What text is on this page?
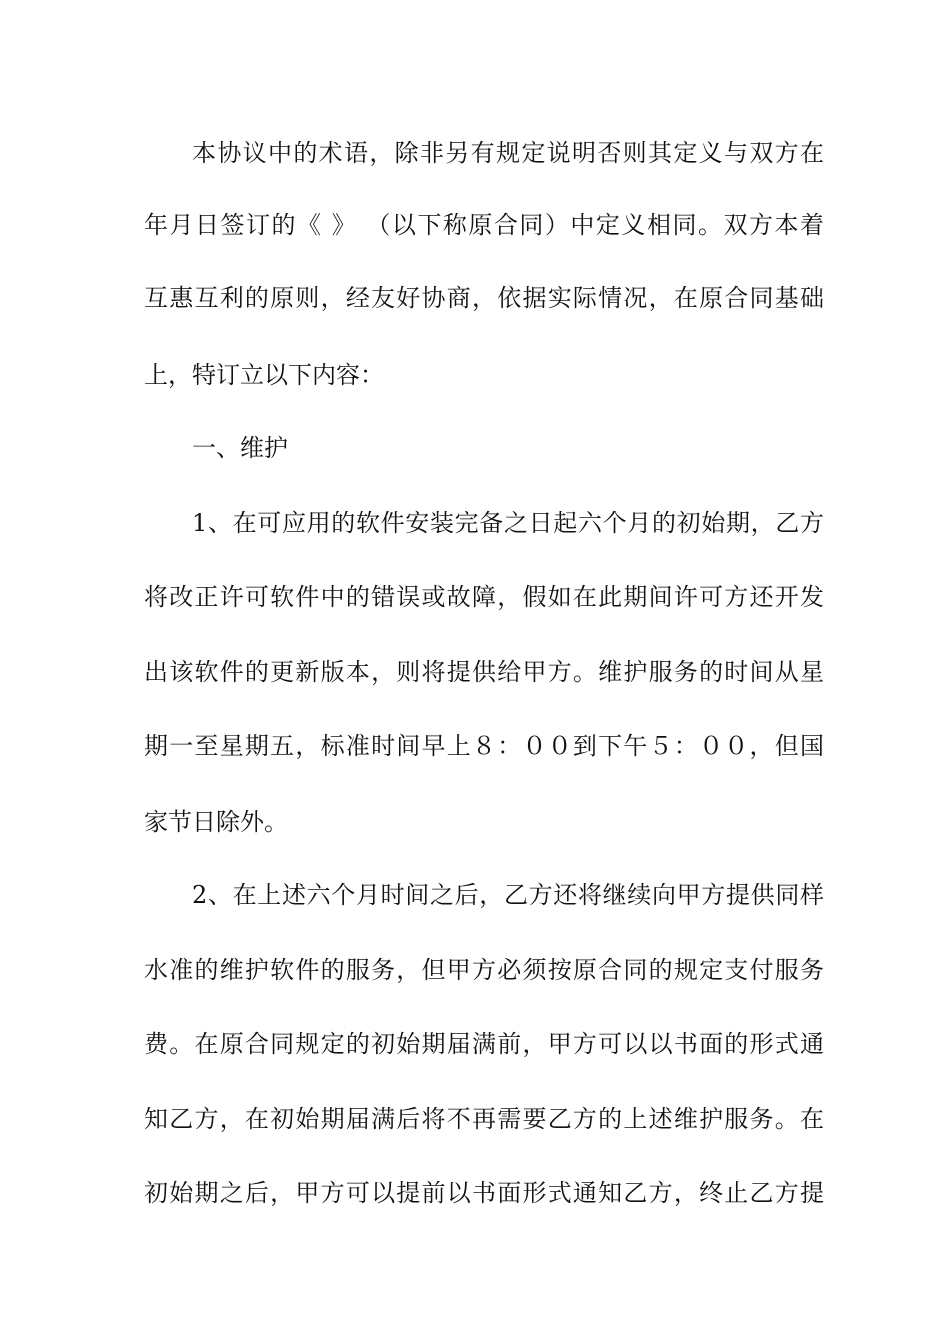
本协议中的术语，除非另有规定说明否则其定义与双方在
年月日签订的《 》 （以下称原合同）中定义相同。双方本着
互惠互利的原则，经友好协商，依据实际情况，在原合同基础
上，特订立以下内容：
一、维护
1、在可应用的软件安装完备之日起六个月的初始期，乙方
将改正许可软件中的错误或故障，假如在此期间许可方还开发
出该软件的更新版本，则将提供给甲方。维护服务的时间从星
期一至星期五，标准时间早上８：００到下午５：００，但国
家节日除外。
2、在上述六个月时间之后，乙方还将继续向甲方提供同样
水准的维护软件的服务，但甲方必须按原合同的规定支付服务
费。在原合同规定的初始期届满前，甲方可以以书面的形式通
知乙方，在初始期届满后将不再需要乙方的上述维护服务。在
初始期之后，甲方可以提前以书面形式通知乙方，终止乙方提
